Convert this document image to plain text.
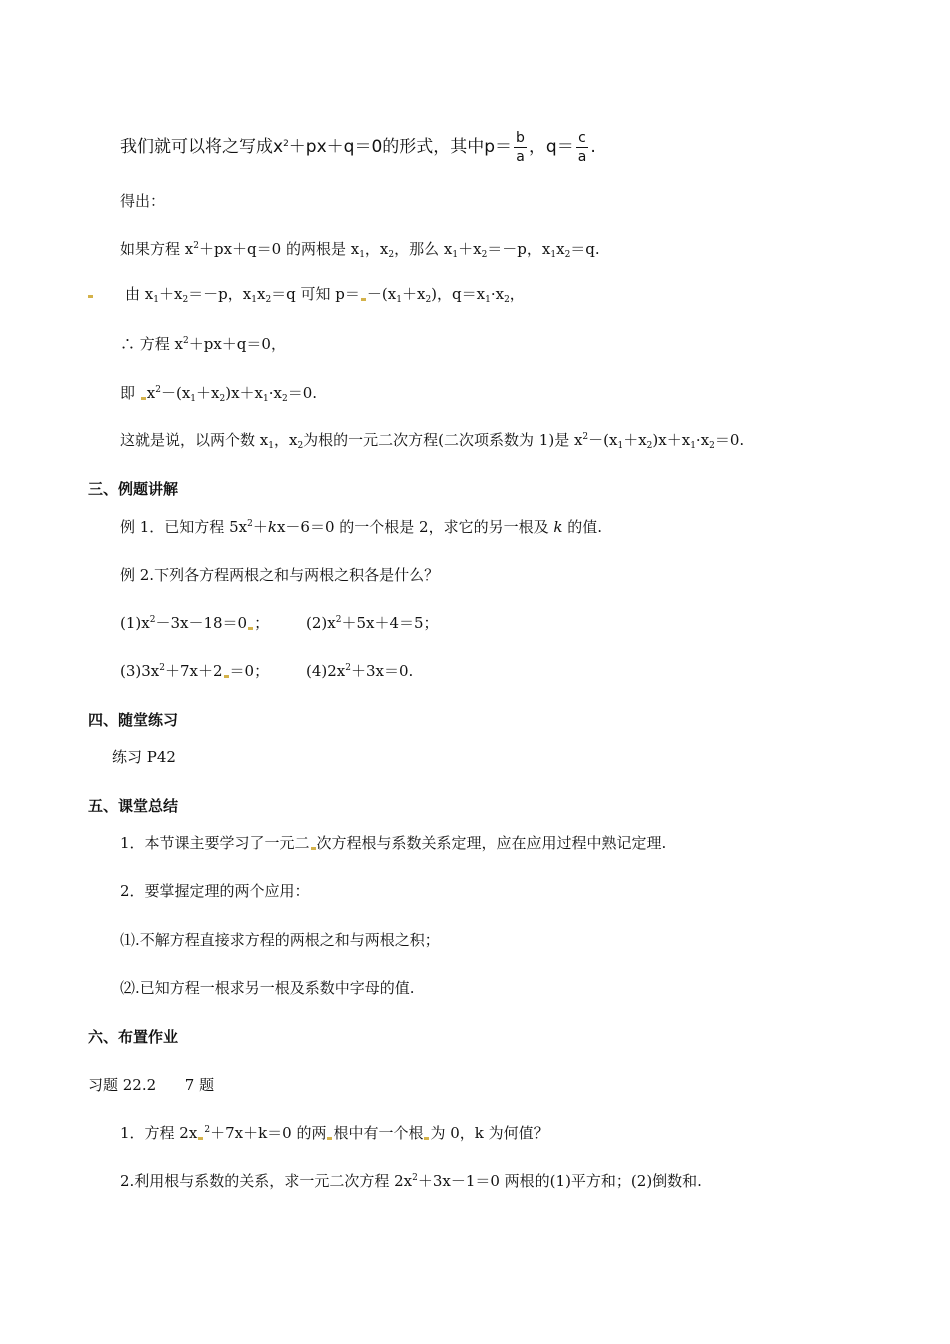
我们就可以将之写成$x^2+px+q=0$的形式，其中$p= \frac{b}{a}$ ，$q= \frac{c}{a}$ .
得出：
如果方程 $x^2+px+q=0$ 的两根是 $x_1$，$x_2$，那么 $x_1+x_2=-p$，$x_1x_2=q$.
由 $x_1+x_2=-p$，$x_1x_2=q$ 可知 $p= -(x_1+x_2)$，$q=x_1\cdot x_2$，
∴ 方程 $x^2+px+q=0$，
即 $x^2-(x_1+x_2)x+x_1\cdot x_2=0$.
这就是说，以两个数 $x_1$，$x_2$为根的一元二次方程(二次项系数为 1)是 $x^2-(x_1+x_2)x+x_1\cdot x_2=0$.
三、例题讲解
例 1．已知方程 $5x^2+kx-6=0$ 的一个根是 2，求它的另一根及 k 的值.
例 2.下列各方程两根之和与两根之积各是什么？
$(1)x^2-3x-18=0$ ； $(2)x^2+5x+4=5$；
$(3)3x^2+7x+2 =0$； $(4)2x^2+3x=0$.
四、随堂练习
练习 P42
五、课堂总结
1．本节课主要学习了一元二 次方程根与系数关系定理，应在应用过程中熟记定理.
2．要掌握定理的两个应用：
⑴.不解方程直接求方程的两根之和与两根之积；
⑵.已知方程一根求另一根及系数中字母的值.
六、布置作业
习题 22.2      7 题
1．方程 2x $^2$＋7x＋k＝0 的两 根中有一个根 为 0，k 为何值？
2.利用根与系数的关系，求一元二次方程 $2x^2+3x-1=0$ 两根的(1)平方和；(2)倒数和.
